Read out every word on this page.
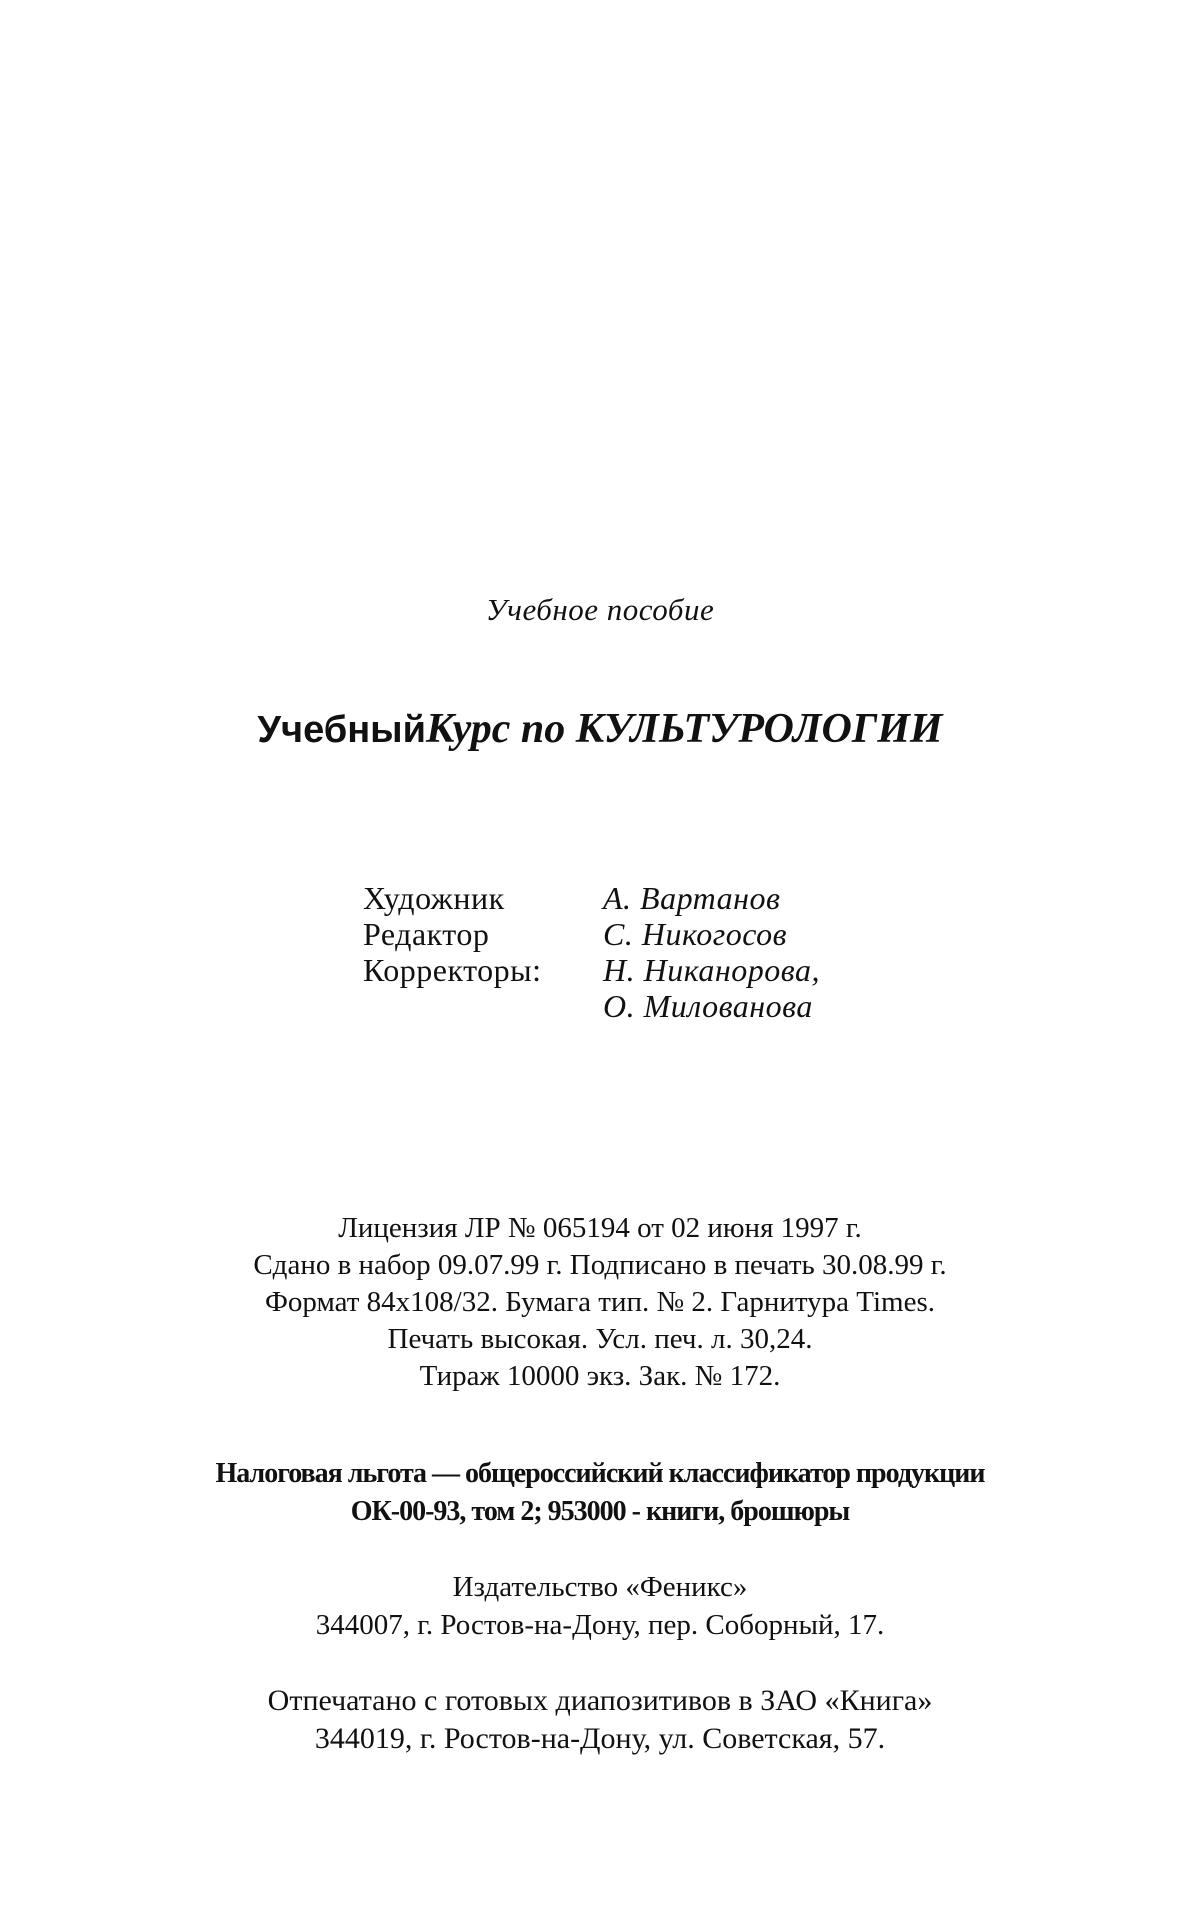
Учебное пособие
УчебныйКурс по КУЛЬТУРОЛОГИИ
Художник	А. Вартанов
Редактор	С. Никогосов
Корректоры: Н. Никанорова,
О. Милованова
Лицензия ЛР № 065194 от 02 июня 1997 г.
Сдано в набор 09.07.99 г. Подписано в печать 30.08.99 г.
Формат 84х108/32. Бумага тип. № 2. Гарнитура Times.
Печать высокая. Усл. печ. л. 30,24.
Тираж 10000 экз. Зак. № 172.
Налоговая льгота — общероссийский классификатор продукции
ОК-00-93, том 2; 953000 - книги, брошюры
Издательство «Феникс»
344007, г. Ростов-на-Дону, пер. Соборный, 17.
Отпечатано с готовых диапозитивов в ЗАО «Книга»
344019, г. Ростов-на-Дону, ул. Советская, 57.
